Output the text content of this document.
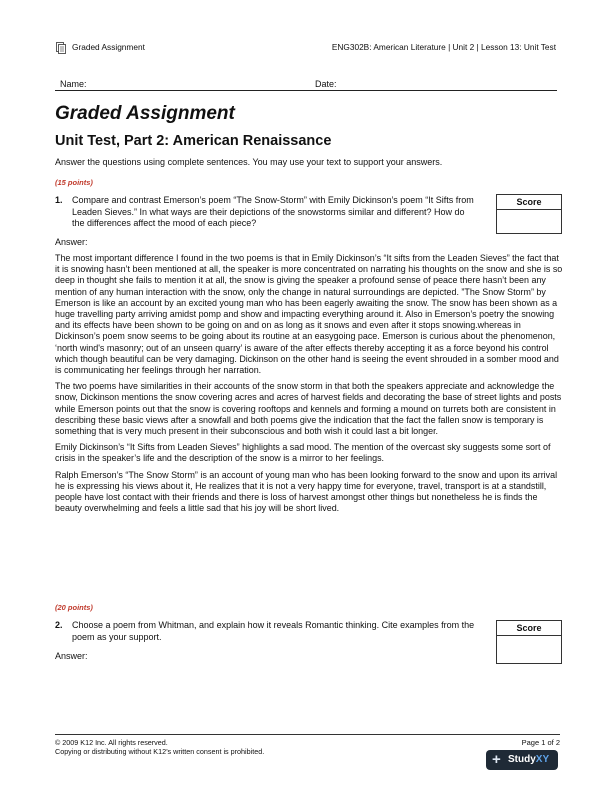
Graded Assignment	ENG302B: American Literature | Unit 2 | Lesson 13: Unit Test
Name:	Date:
Graded Assignment
Unit Test, Part 2: American Renaissance
Answer the questions using complete sentences. You may use your text to support your answers.
(15 points)
1. Compare and contrast Emerson’s poem “The Snow-Storm” with Emily Dickinson’s poem “It Sifts from Leaden Sieves.” In what ways are their depictions of the snowstorms similar and different? How do the differences affect the mood of each piece?
Score
Answer:

The most important difference I found in the two poems is that in Emily Dickinson’s “It sifts from the Leaden Sieves” the fact that it is snowing hasn’t been mentioned at all, the speaker is more concentrated on narrating his thoughts on the snow and she is so deep in thought she fails to mention it at all, the snow is giving the speaker a profound sense of peace there hasn’t been any mention of any human interaction with the snow, only the change in natural surroundings are depicted. ”The Snow Storm” by Emerson is like an account by an excited young man who has been eagerly awaiting the snow. The snow has been shown as a huge travelling party arriving amidst pomp and show and impacting everything around it. Also in Emerson’s poetry the snowing and its effects have been shown to be going on and on as long as it snows and even after it stops snowing.whereas in Dickinson’s poem snow seems to be going about its routine at an easygoing pace. Emerson is curious about the phenomenon, ‘north wind's masonry; out of an unseen quarry’ is aware of the after effects thereby accepting it as a force beyond his control which though beautiful can be very damaging. Dickinson on the other hand is seeing the event shrouded in a somber mood and is communicating her feelings through her narration.

The two poems have similarities in their accounts of the snow storm in that both the speakers appreciate and acknowledge the snow, Dickinson mentions the snow covering acres and acres of harvest fields and decorating the base of street lights and posts while Emerson points out that the snow is covering rooftops and kennels and forming a mound on turrets both are consistent in describing these basic views after a snowfall and both poems give the indication that the fact the fallen snow is temporary is something that is very much present in their subconscious and both wish it could last a bit longer.

Emily Dickinson’s “It Sifts from Leaden Sieves” highlights a sad mood. The mention of the overcast sky suggests some sort of crisis in the speaker’s life and the description of the snow is a mirror to her feelings.

Ralph Emerson’s “The Snow Storm” is an account of young man who has been looking forward to the snow and upon its arrival he is expressing his views about it, He realizes that it is not a very happy time for everyone, travel, transport is at a standstill, people have lost contact with their friends and there is loss of harvest amongst other things but nonetheless he is finds the beauty overwhelming and feels a little sad that his joy will be short lived.

(20 points)
2. Choose a poem from Whitman, and explain how it reveals Romantic thinking. Cite examples from the poem as your support.
Score
Answer:
© 2009 K12 Inc. All rights reserved.
Copying or distributing without K12’s written consent is prohibited.
Page 1 of 2
+ StudyXY
